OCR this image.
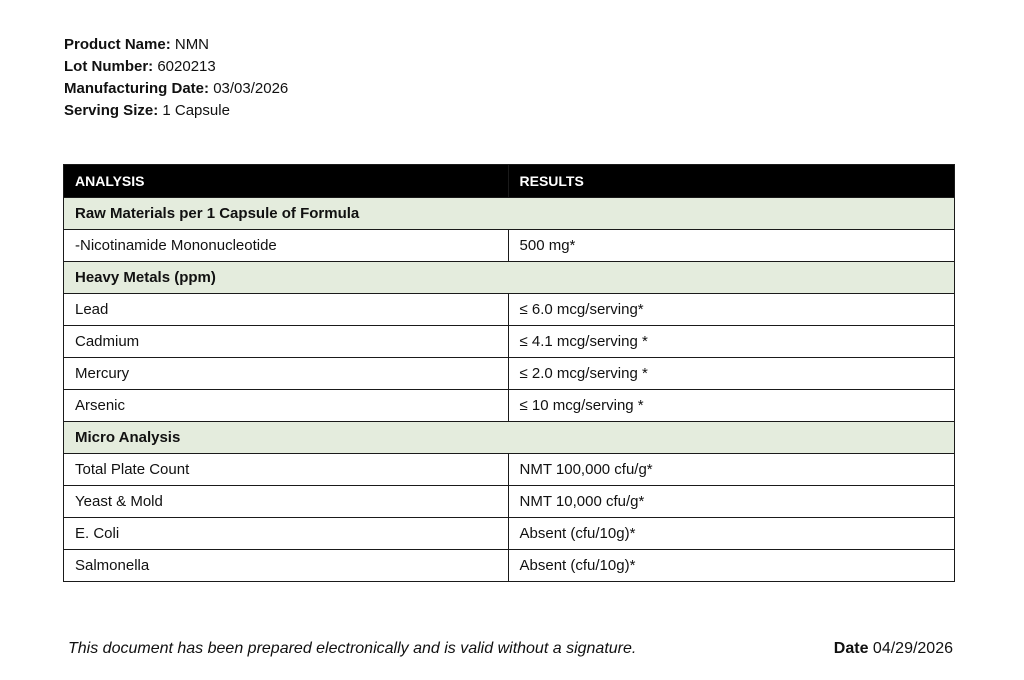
Product Name: NMN
Lot Number: 6020213
Manufacturing Date: 03/03/2026
Serving Size: 1 Capsule
ANALYSIS	RESULTS
Raw Materials per 1 Capsule of Formula	
-Nicotinamide Mononucleotide	500 mg*
Heavy Metals (ppm)	
Lead	≤ 6.0 mcg/serving*
Cadmium	≤ 4.1 mcg/serving *
Mercury	≤ 2.0 mcg/serving *
Arsenic	≤ 10 mcg/serving *
Micro Analysis	
Total Plate Count	NMT 100,000 cfu/g*
Yeast & Mold	NMT 10,000 cfu/g*
E. Coli	Absent (cfu/10g)*
Salmonella	Absent (cfu/10g)*
This document has been prepared electronically and is valid without a signature.	Date 04/29/2026
